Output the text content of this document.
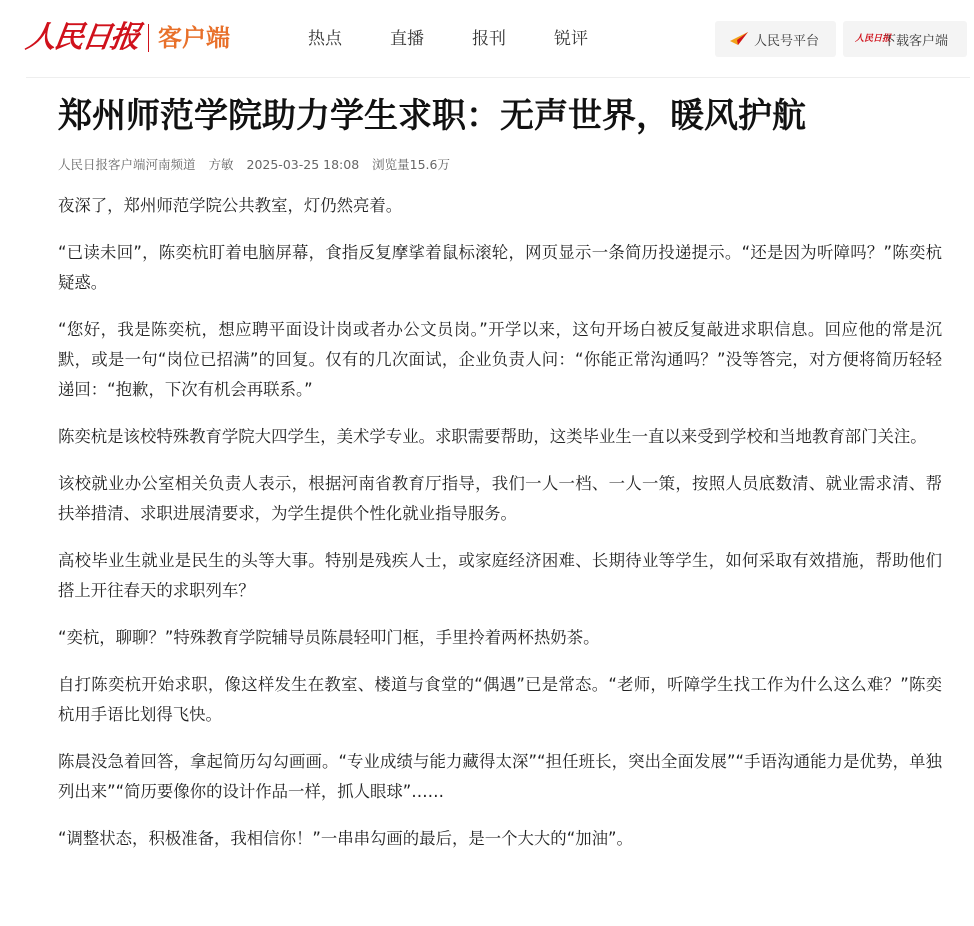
人民日报 客户端	热点	直播	报刊	锐评	人民号平台	人民日报
下载客户端
郑州师范学院助力学生求职：无声世界，暖风护航
人民日报客户端河南频道 方敏 2025-03-25 18:08 浏览量15.6万

夜深了，郑州师范学院公共教室，灯仍然亮着。

“已读未回”，陈奕杭盯着电脑屏幕，食指反复摩挲着鼠标滚轮，网页显示一条简历投递提示。“还是因为听障吗？”陈奕杭疑惑。

“您好，我是陈奕杭，想应聘平面设计岗或者办公文员岗。”开学以来，这句开场白被反复敲进求职信息。回应他的常是沉默，或是一句“岗位已招满”的回复。仅有的几次面试，企业负责人问：“你能正常沟通吗？”没等答完，对方便将简历轻轻递回：“抱歉，下次有机会再联系。”

陈奕杭是该校特殊教育学院大四学生，美术学专业。求职需要帮助，这类毕业生一直以来受到学校和当地教育部门关注。

该校就业办公室相关负责人表示，根据河南省教育厅指导，我们一人一档、一人一策，按照人员底数清、就业需求清、帮扶举措清、求职进展清要求，为学生提供个性化就业指导服务。

高校毕业生就业是民生的头等大事。特别是残疾人士，或家庭经济困难、长期待业等学生，如何采取有效措施，帮助他们搭上开往春天的求职列车？

“奕杭，聊聊？”特殊教育学院辅导员陈晨轻叩门框，手里拎着两杯热奶茶。

自打陈奕杭开始求职，像这样发生在教室、楼道与食堂的“偶遇”已是常态。“老师，听障学生找工作为什么这么难？”陈奕杭用手语比划得飞快。

陈晨没急着回答，拿起简历勾勾画画。“专业成绩与能力藏得太深”“担任班长，突出全面发展”“手语沟通能力是优势，单独列出来”“简历要像你的设计作品一样，抓人眼球”……

“调整状态，积极准备，我相信你！”一串串勾画的最后，是一个大大的“加油”。
